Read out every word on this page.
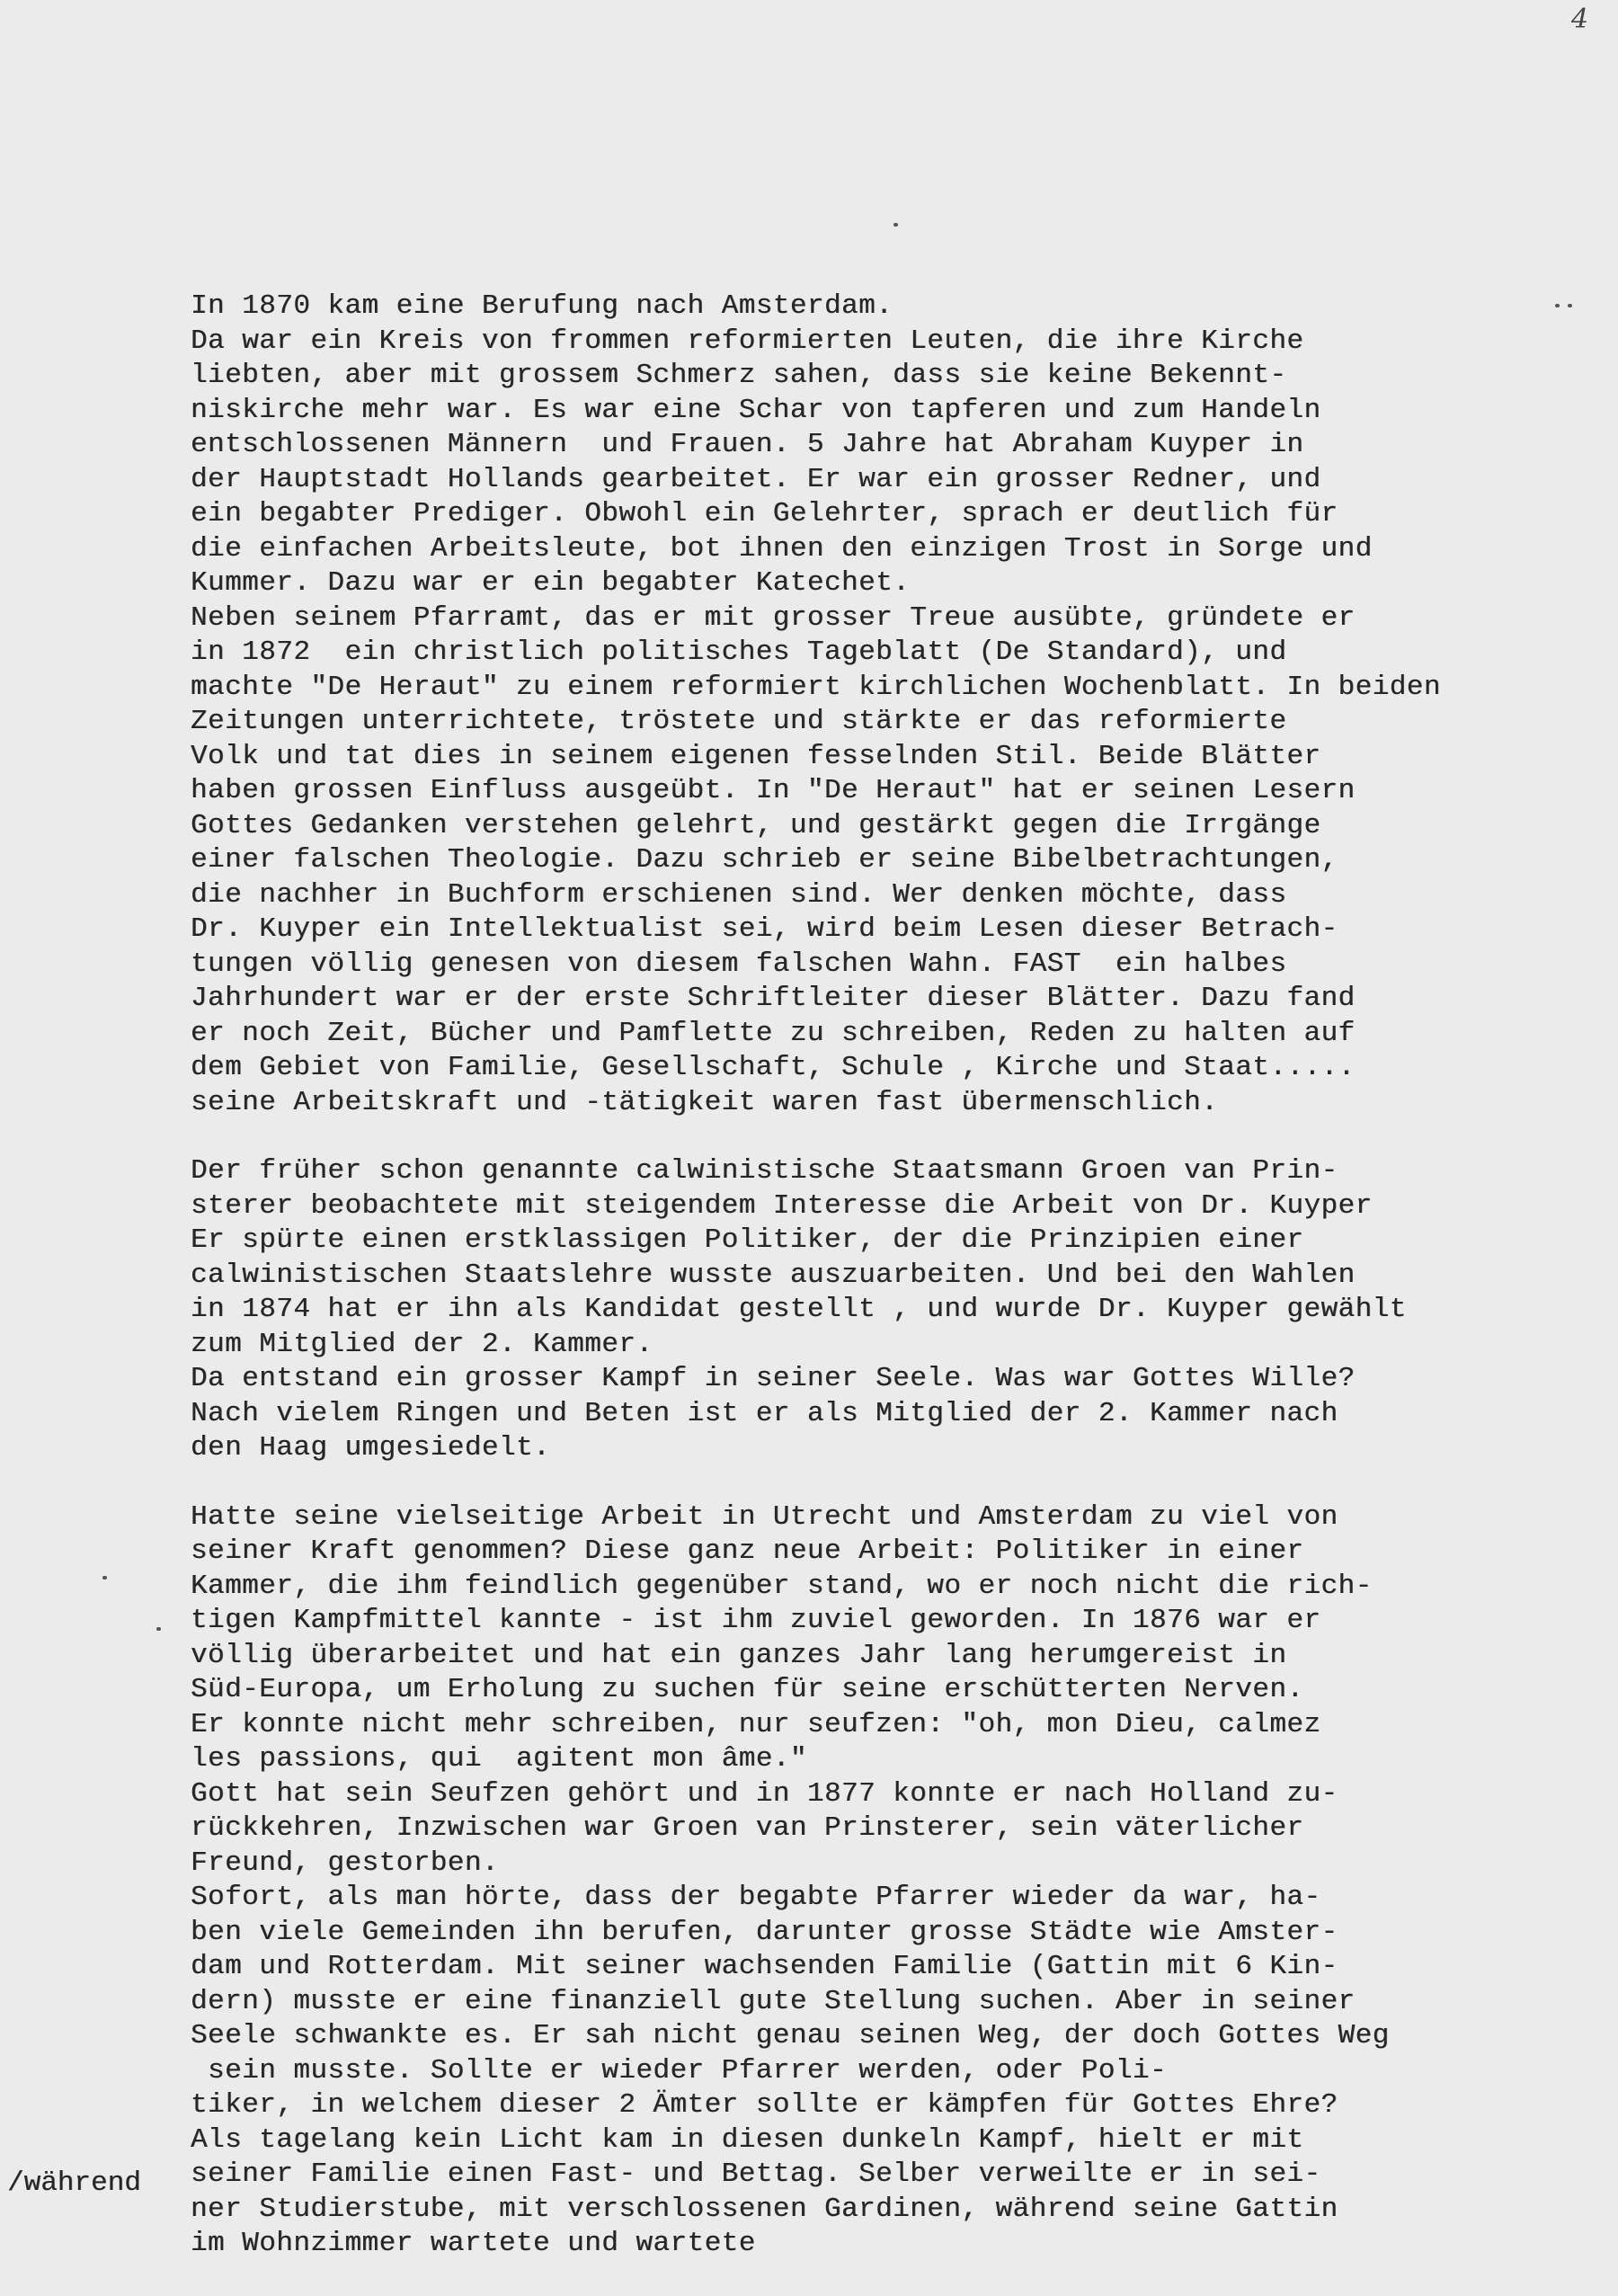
4
In 1870 kam eine Berufung nach Amsterdam.
Da war ein Kreis von frommen reformierten Leuten, die ihre Kirche
liebten, aber mit grossem Schmerz sahen, dass sie keine Bekennt-
niskirche mehr war. Es war eine Schar von tapferen und zum Handeln
entschlossenen Männern  und Frauen. 5 Jahre hat Abraham Kuyper in
der Hauptstadt Hollands gearbeitet. Er war ein grosser Redner, und
ein begabter Prediger. Obwohl ein Gelehrter, sprach er deutlich für
die einfachen Arbeitsleute, bot ihnen den einzigen Trost in Sorge und
Kummer. Dazu war er ein begabter Katechet.
Neben seinem Pfarramt, das er mit grosser Treue ausübte, gründete er
in 1872  ein christlich politisches Tageblatt (De Standard), und
machte "De Heraut" zu einem reformiert kirchlichen Wochenblatt. In beiden
Zeitungen unterrichtete, tröstete und stärkte er das reformierte
Volk und tat dies in seinem eigenen fesselnden Stil. Beide Blätter
haben grossen Einfluss ausgeübt. In "De Heraut" hat er seinen Lesern
Gottes Gedanken verstehen gelehrt, und gestärkt gegen die Irrgänge
einer falschen Theologie. Dazu schrieb er seine Bibelbetrachtungen,
die nachher in Buchform erschienen sind. Wer denken möchte, dass
Dr. Kuyper ein Intellektualist sei, wird beim Lesen dieser Betrach-
tungen völlig genesen von diesem falschen Wahn. FAST  ein halbes
Jahrhundert war er der erste Schriftleiter dieser Blätter. Dazu fand
er noch Zeit, Bücher und Pamflette zu schreiben, Reden zu halten auf
dem Gebiet von Familie, Gesellschaft, Schule , Kirche und Staat.....
seine Arbeitskraft und -tätigkeit waren fast übermenschlich.
Der früher schon genannte calwinistische Staatsmann Groen van Prin-
sterer beobachtete mit steigendem Interesse die Arbeit von Dr. Kuyper
Er spürte einen erstklassigen Politiker, der die Prinzipien einer
calwinistischen Staatslehre wusste auszuarbeiten. Und bei den Wahlen
in 1874 hat er ihn als Kandidat gestellt , und wurde Dr. Kuyper gewählt
zum Mitglied der 2. Kammer.
Da entstand ein grosser Kampf in seiner Seele. Was war Gottes Wille?
Nach vielem Ringen und Beten ist er als Mitglied der 2. Kammer nach
den Haag umgesiedelt.
Hatte seine vielseitige Arbeit in Utrecht und Amsterdam zu viel von
seiner Kraft genommen? Diese ganz neue Arbeit: Politiker in einer
Kammer, die ihm feindlich gegenüber stand, wo er noch nicht die rich-
tigen Kampfmittel kannte - ist ihm zuviel geworden. In 1876 war er
völlig überarbeitet und hat ein ganzes Jahr lang herumgereist in
Süd-Europa, um Erholung zu suchen für seine erschütterten Nerven.
Er konnte nicht mehr schreiben, nur seufzen: "oh, mon Dieu, calmez
les passions, qui  agitent mon âme."
Gott hat sein Seufzen gehört und in 1877 konnte er nach Holland zu-
rückkehren, Inzwischen war Groen van Prinsterer, sein väterlicher
Freund, gestorben.
Sofort, als man hörte, dass der begabte Pfarrer wieder da war, ha-
ben viele Gemeinden ihn berufen, darunter grosse Städte wie Amster-
dam und Rotterdam. Mit seiner wachsenden Familie (Gattin mit 6 Kin-
dern) musste er eine finanziell gute Stellung suchen. Aber in seiner
Seele schwankte es. Er sah nicht genau seinen Weg, der doch Gottes Weg
sein musste. Sollte er wieder Pfarrer werden, oder Poli-
tiker, in welchem dieser 2 Ämter sollte er kämpfen für Gottes Ehre?
Als tagelang kein Licht kam in diesen dunkeln Kampf, hielt er mit
seiner Familie einen Fast- und Bettag. Selber verweilte er in sei-
ner Studierstube, mit verschlossenen Gardinen, während seine Gattin
im Wohnzimmer wartete und wartete
/während
